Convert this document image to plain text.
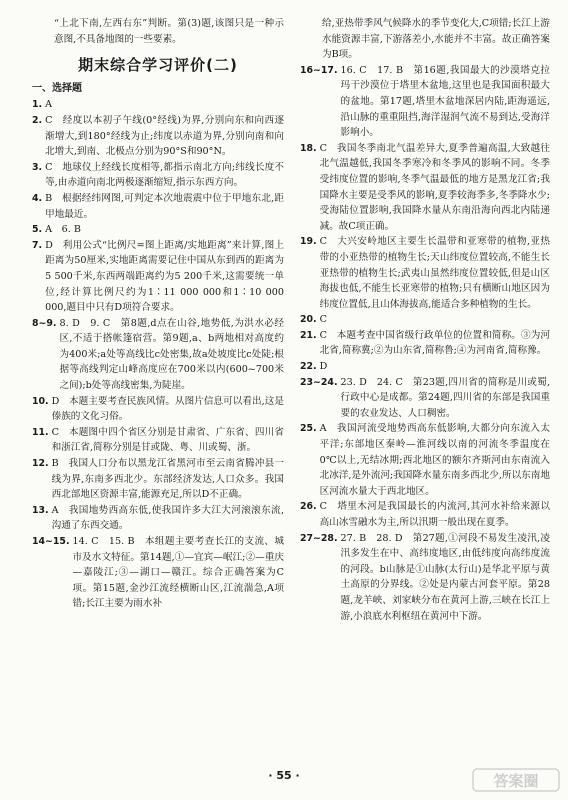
“上北下南,左西右东”判断。第(3)题,该图只是一种示意图,不具备地图的一些要素。

期末综合学习评价(二)
一、选择题
1. A
2. C　经度以本初子午线(0°经线)为界,分别向东和向西逐渐增大,到180°经线为止;纬度以赤道为界,分别向南和向北增大,到南、北极点分别为90°S和90°N。
3. C　地球仪上经线长度相等,都指示南北方向;纬线长度不等,由赤道向南北两极逐渐缩短,指示东西方向。
4. B　根据经纬网图,可判定本次地震震中位于甲地东北,距甲地最近。
5. A　6. B
7. D　利用公式“比例尺=图上距离/实地距离”来计算,图上距离为50厘米,实地距离需要记住中国从东到西的距离为5 500千米,东西两端距离约为5 200千米,这需要统一单位,经计算比例尺约为1∶11 000 000和1∶10 000 000,题目中只有D项符合要求。
8~9. 8. D　9. C　第8题,d点在山谷,地势低,为洪水必经区,不适于搭帐篷宿营。第9题,a、b两地相对高度约为400米;a处等高线比c处密集,故a处坡度比c处陡;根据等高线判定山峰高度应在700米以内(600~700米之间);b处等高线密集,为陡崖。
10. D　本题主要考查民族风情。从图片信息可以看出,这是傣族的文化习俗。
11. C　本题图中四个省区分别是甘肃省、广东省、四川省和浙江省,简称分别是甘或陇、粤、川或蜀、浙。
12. B　我国人口分布以黑龙江省黑河市至云南省腾冲县一线为界,东南多西北少。东部经济发达,人口众多。我国西北部地区资源丰富,能源充足,所以D不正确。
13. A　我国地势西高东低,使我国许多大江大河滚滚东流,沟通了东西交通。
14~15. 14. C　15. B　本组题主要考查长江的支流、城市及水文特征。第14题,①—宜宾—岷江;②—重庆—嘉陵江;③—湖口—赣江。综合正确答案为C项。第15题,金沙江流经横断山区,江流湍急,A项错;长江主要为雨水补

给,亚热带季风气候降水的季节变化大,C项错;长江上游水能资源丰富,下游落差小,水能并不丰富。故正确答案为B项。

16~17. 16. C　17. B　第16题,我国最大的沙漠塔克拉玛干沙漠位于塔里木盆地,这里也是我国面积最大的盆地。第17题,塔里木盆地深居内陆,距海遥远,沿山脉的重重阻挡,海洋湿润气流不易到达,受海洋影响小。
18. C　我国冬季南北气温差异大,夏季普遍高温,大致越往北气温越低,我国冬季寒冷和冬季风的影响不同。冬季受纬度位置的影响,冬季气温最低的地方是黑龙江省;我国降水主要是受季风的影响,夏季较海季多,冬季降水少;受海陆位置影响,我国降水量从东南沿海向西北内陆递减。故C项正确。
19. C　大兴安岭地区主要生长温带和亚寒带的植物,亚热带的小亚热带的植物生长;天山纬度位置较高,不能生长亚热带的植物生长;武夷山虽然纬度位置较低,但是山区海拔也低,不能生长亚寒带的植物;只有横断山地区因为纬度位置低,且山体海拔高,能适合多种植物的生长。
20. C
21. C　本题考查中国省级行政单位的位置和简称。③为河北省,简称冀;②为山东省,简称鲁;④为河南省,简称豫。
22. D
23~24. 23. D　24. C　第23题,四川省的简称是川或蜀,行政中心是成都。第24题,四川省的东部是我国重要的农业发达、人口稠密。
25. A　我国河流受地势西高东低影响,大都分向东流入太平洋;东部地区秦岭—淮河线以南的河流冬季温度在0℃以上,无结冰期;西北地区的额尔齐斯河由东南流入北冰洋,是外流河;我国降水量东南多西北少,所以东南地区河流水量大于西北地区。
26. C　塔里木河是我国最长的内流河,其河水补给来源以高山冰雪融水为主,所以汛期一般出现在夏季。
27~28. 27. B　28. D　第27题,①河段不易发生凌汛,凌汛多发生在中、高纬度地区,由低纬度向高纬度流的河段。b山脉是①山脉(太行山)是华北平原与黄土高原的分界线。②处是内蒙古河套平原。第28题,龙羊峡、刘家峡分布在黄河上游,三峡在长江上游,小浪底水利枢纽在黄河中下游。
· 55 ·	答案圈
